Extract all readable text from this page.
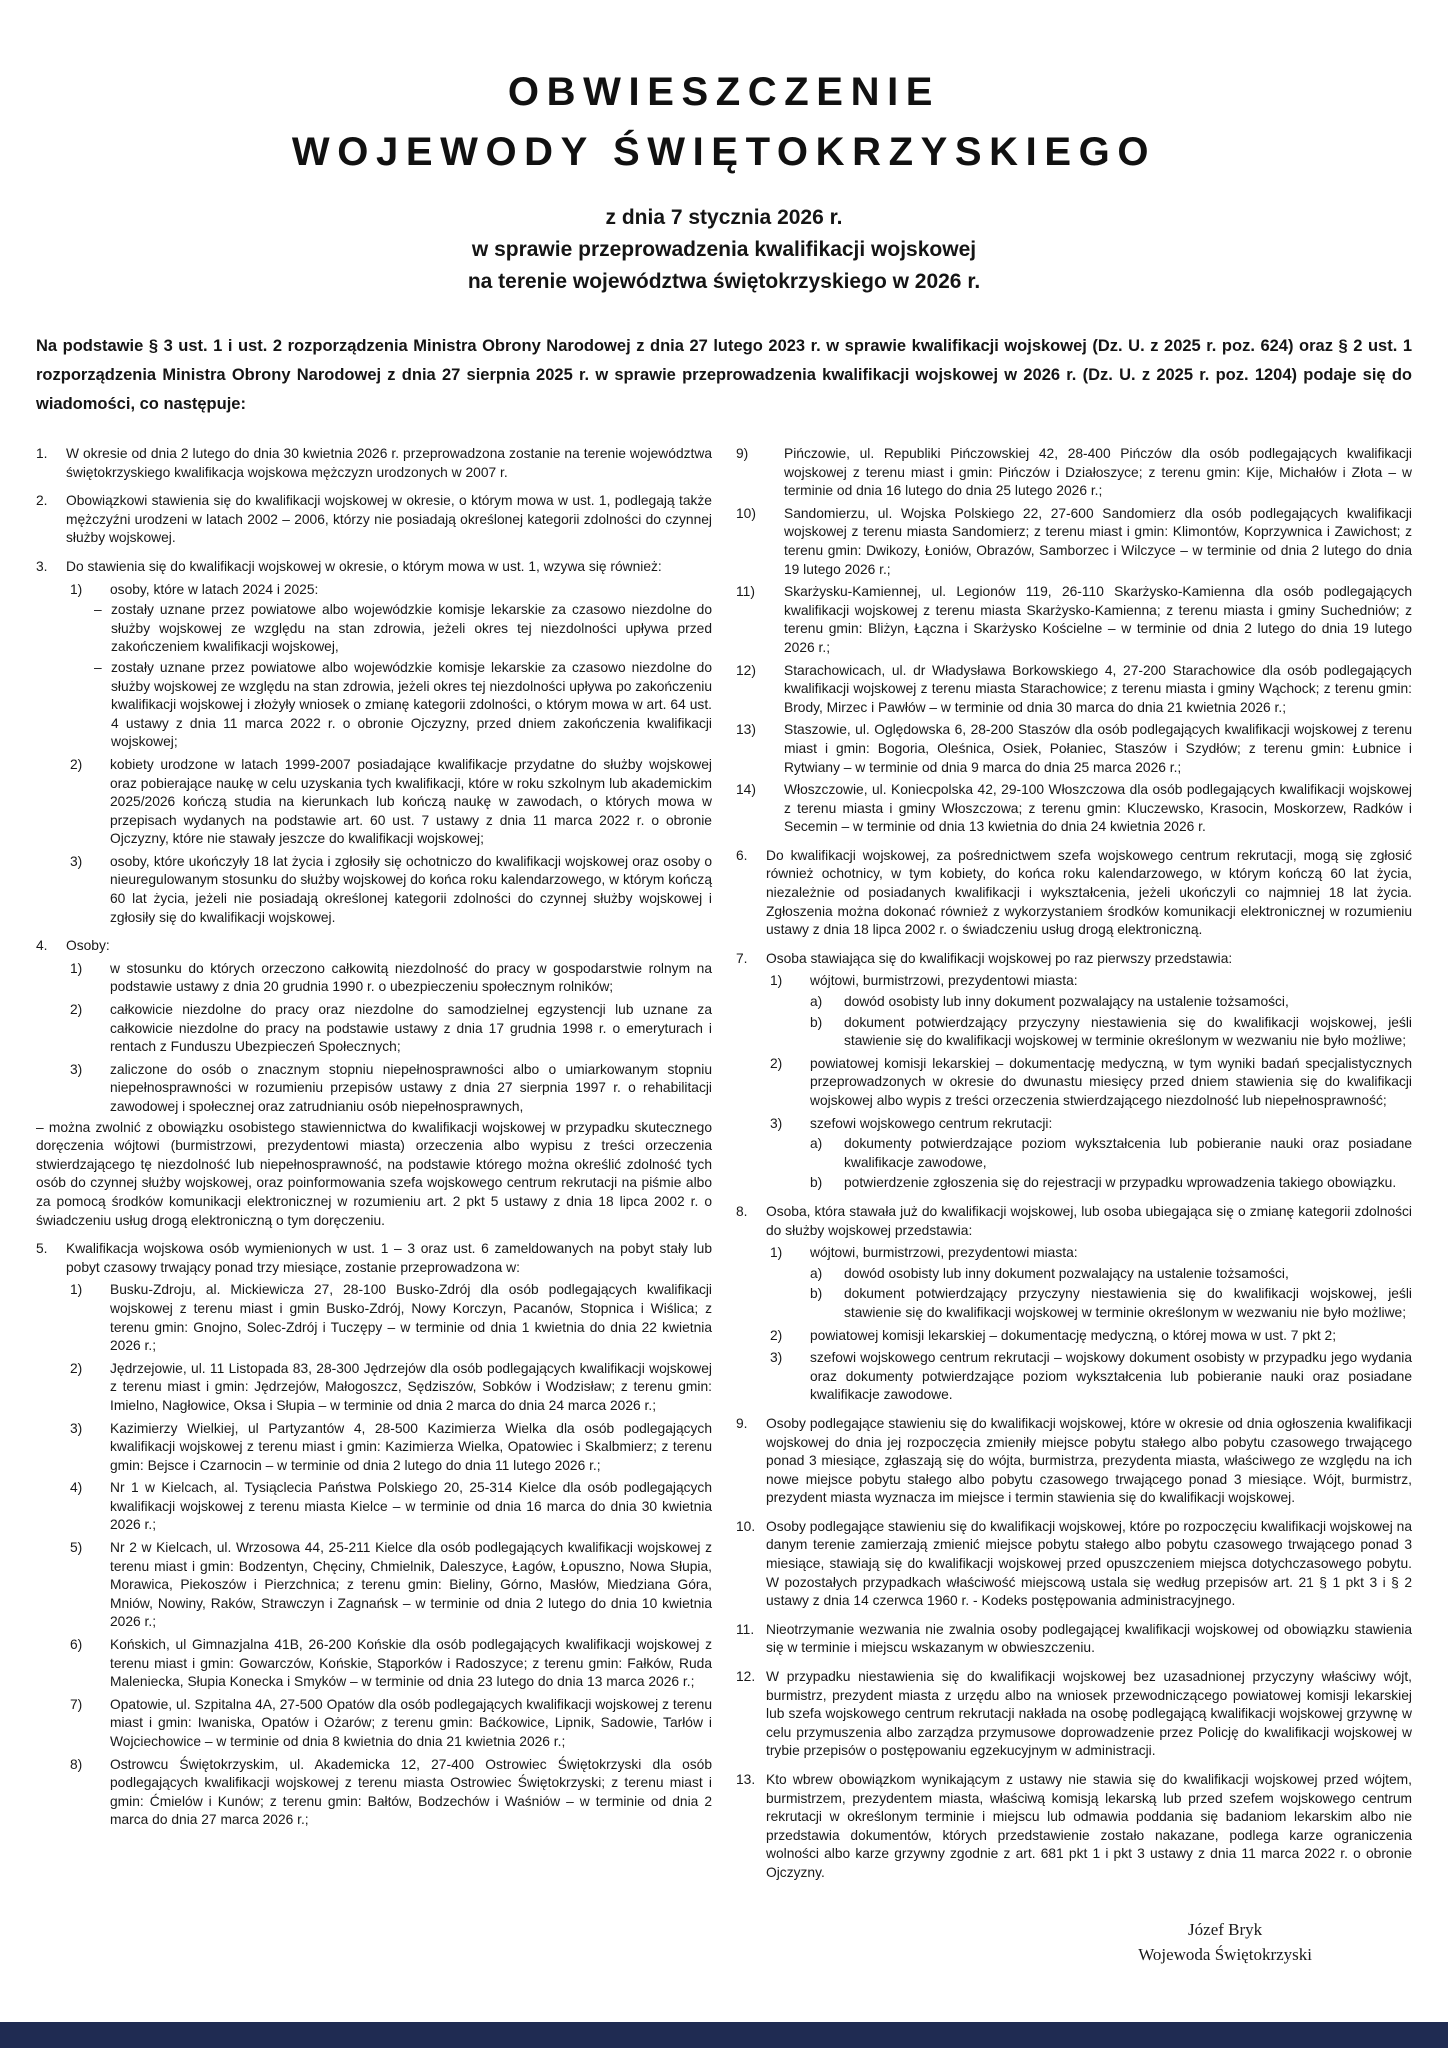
OBWIESZCZENIE
WOJEWODY ŚWIĘTOKRZYSKIEGO
z dnia 7 stycznia 2026 r.
w sprawie przeprowadzenia kwalifikacji wojskowej
na terenie województwa świętokrzyskiego w 2026 r.
Na podstawie § 3 ust. 1 i ust. 2 rozporządzenia Ministra Obrony Narodowej z dnia 27 lutego 2023 r. w sprawie kwalifikacji wojskowej (Dz. U. z 2025 r. poz. 624) oraz § 2 ust. 1 rozporządzenia Ministra Obrony Narodowej z dnia 27 sierpnia 2025 r. w sprawie przeprowadzenia kwalifikacji wojskowej w 2026 r. (Dz. U. z 2025 r. poz. 1204) podaje się do wiadomości, co następuje:
1.	W okresie od dnia 2 lutego do dnia 30 kwietnia 2026 r. przeprowadzona zostanie na terenie województwa świętokrzyskiego kwalifikacja wojskowa mężczyzn urodzonych w 2007 r.
2.	Obowiązkowi stawienia się do kwalifikacji wojskowej w okresie, o którym mowa w ust. 1, podlegają także mężczyźni urodzeni w latach 2002 – 2006, którzy nie posiadają określonej kategorii zdolności do czynnej służby wojskowej.
3.	Do stawienia się do kwalifikacji wojskowej w okresie, o którym mowa w ust. 1, wzywa się również:
1)	osoby, które w latach 2024 i 2025:
– zostały uznane przez powiatowe albo wojewódzkie komisje lekarskie za czasowo niezdolne do służby wojskowej ze względu na stan zdrowia, jeżeli okres tej niezdolności upływa przed zakończeniem kwalifikacji wojskowej,
– zostały uznane przez powiatowe albo wojewódzkie komisje lekarskie za czasowo niezdolne do służby wojskowej ze względu na stan zdrowia, jeżeli okres tej niezdolności upływa po zakończeniu kwalifikacji wojskowej i złożyły wniosek o zmianę kategorii zdolności, o którym mowa w art. 64 ust. 4 ustawy z dnia 11 marca 2022 r. o obronie Ojczyzny, przed dniem zakończenia kwalifikacji wojskowej;
2)	kobiety urodzone w latach 1999-2007 posiadające kwalifikacje przydatne do służby wojskowej oraz pobierające naukę w celu uzyskania tych kwalifikacji, które w roku szkolnym lub akademickim 2025/2026 kończą studia na kierunkach lub kończą naukę w zawodach, o których mowa w przepisach wydanych na podstawie art. 60 ust. 7 ustawy z dnia 11 marca 2022 r. o obronie Ojczyzny, które nie stawały jeszcze do kwalifikacji wojskowej;
3)	osoby, które ukończyły 18 lat życia i zgłosiły się ochotniczo do kwalifikacji wojskowej oraz osoby o nieuregulowanym stosunku do służby wojskowej do końca roku kalendarzowego, w którym kończą 60 lat życia, jeżeli nie posiadają określonej kategorii zdolności do czynnej służby wojskowej i zgłosiły się do kwalifikacji wojskowej.
4.	Osoby:
1)	w stosunku do których orzeczono całkowitą niezdolność do pracy w gospodarstwie rolnym na podstawie ustawy z dnia 20 grudnia 1990 r. o ubezpieczeniu społecznym rolników;
2)	całkowicie niezdolne do pracy oraz niezdolne do samodzielnej egzystencji lub uznane za całkowicie niezdolne do pracy na podstawie ustawy z dnia 17 grudnia 1998 r. o emeryturach i rentach z Funduszu Ubezpieczeń Społecznych;
3)	zaliczone do osób o znacznym stopniu niepełnosprawności albo o umiarkowanym stopniu niepełnosprawności w rozumieniu przepisów ustawy z dnia 27 sierpnia 1997 r. o rehabilitacji zawodowej i społecznej oraz zatrudnianiu osób niepełnosprawnych,
– można zwolnić z obowiązku osobistego stawiennictwa do kwalifikacji wojskowej w przypadku skutecznego doręczenia wójtowi (burmistrzowi, prezydentowi miasta) orzeczenia albo wypisu z treści orzeczenia stwierdzającego tę niezdolność lub niepełnosprawność, na podstawie którego można określić zdolność tych osób do czynnej służby wojskowej, oraz poinformowania szefa wojskowego centrum rekrutacji na piśmie albo za pomocą środków komunikacji elektronicznej w rozumieniu art. 2 pkt 5 ustawy z dnia 18 lipca 2002 r. o świadczeniu usług drogą elektroniczną o tym doręczeniu.
5.	Kwalifikacja wojskowa osób wymienionych w ust. 1 – 3 oraz ust. 6 zameldowanych na pobyt stały lub pobyt czasowy trwający ponad trzy miesiące, zostanie przeprowadzona w:
1)	Busku-Zdroju, al. Mickiewicza 27, 28-100 Busko-Zdrój dla osób podlegających kwalifikacji wojskowej z terenu miast i gmin Busko-Zdrój, Nowy Korczyn, Pacanów, Stopnica i Wiślica; z terenu gmin: Gnojno, Solec-Zdrój i Tuczępy – w terminie od dnia 1 kwietnia do dnia 22 kwietnia 2026 r.;
2)	Jędrzejowie, ul. 11 Listopada 83, 28-300 Jędrzejów dla osób podlegających kwalifikacji wojskowej z terenu miast i gmin: Jędrzejów, Małogoszcz, Sędziszów, Sobków i Wodzisław; z terenu gmin: Imielno, Nagłowice, Oksa i Słupia – w terminie od dnia 2 marca do dnia 24 marca 2026 r.;
3)	Kazimierzy Wielkiej, ul Partyzantów 4, 28-500 Kazimierza Wielka dla osób podlegających kwalifikacji wojskowej z terenu miast i gmin: Kazimierza Wielka, Opatowiec i Skalbmierz; z terenu gmin: Bejsce i Czarnocin – w terminie od dnia 2 lutego do dnia 11 lutego 2026 r.;
4)	Nr 1 w Kielcach, al. Tysiąclecia Państwa Polskiego 20, 25-314 Kielce dla osób podlegających kwalifikacji wojskowej z terenu miasta Kielce – w terminie od dnia 16 marca do dnia 30 kwietnia 2026 r.;
5)	Nr 2 w Kielcach, ul. Wrzosowa 44, 25-211 Kielce dla osób podlegających kwalifikacji wojskowej z terenu miast i gmin: Bodzentyn, Chęciny, Chmielnik, Daleszyce, Łagów, Łopuszno, Nowa Słupia, Morawica, Piekoszów i Pierzchnica; z terenu gmin: Bieliny, Górno, Masłów, Miedziana Góra, Mniów, Nowiny, Raków, Strawczyn i Zagnańsk – w terminie od dnia 2 lutego do dnia 10 kwietnia 2026 r.;
6)	Końskich, ul Gimnazjalna 41B, 26-200 Końskie dla osób podlegających kwalifikacji wojskowej z terenu miast i gmin: Gowarczów, Końskie, Stąporków i Radoszyce; z terenu gmin: Fałków, Ruda Maleniecka, Słupia Konecka i Smyków – w terminie od dnia 23 lutego do dnia 13 marca 2026 r.;
7)	Opatowie, ul. Szpitalna 4A, 27-500 Opatów dla osób podlegających kwalifikacji wojskowej z terenu miast i gmin: Iwaniska, Opatów i Ożarów; z terenu gmin: Baćkowice, Lipnik, Sadowie, Tarłów i Wojciechowice – w terminie od dnia 8 kwietnia do dnia 21 kwietnia 2026 r.;
8)	Ostrowcu Świętokrzyskim, ul. Akademicka 12, 27-400 Ostrowiec Świętokrzyski dla osób podlegających kwalifikacji wojskowej z terenu miasta Ostrowiec Świętokrzyski; z terenu miast i gmin: Ćmielów i Kunów; z terenu gmin: Bałtów, Bodzechów i Waśniów – w terminie od dnia 2 marca do dnia 27 marca 2026 r.;
9)	Pińczowie, ul. Republiki Pińczowskiej 42, 28-400 Pińczów dla osób podlegających kwalifikacji wojskowej z terenu miast i gmin: Pińczów i Działoszyce; z terenu gmin: Kije, Michałów i Złota – w terminie od dnia 16 lutego do dnia 25 lutego 2026 r.;
10)	Sandomierzu, ul. Wojska Polskiego 22, 27-600 Sandomierz dla osób podlegających kwalifikacji wojskowej z terenu miasta Sandomierz; z terenu miast i gmin: Klimontów, Koprzywnica i Zawichost; z terenu gmin: Dwikozy, Łoniów, Obrazów, Samborzec i Wilczyce – w terminie od dnia 2 lutego do dnia 19 lutego 2026 r.;
11)	Skarżysku-Kamiennej, ul. Legionów 119, 26-110 Skarżysko-Kamienna dla osób podlegających kwalifikacji wojskowej z terenu miasta Skarżysko-Kamienna; z terenu miasta i gminy Suchedniów; z terenu gmin: Bliżyn, Łączna i Skarżysko Kościelne – w terminie od dnia 2 lutego do dnia 19 lutego 2026 r.;
12)	Starachowicach, ul. dr Władysława Borkowskiego 4, 27-200 Starachowice dla osób podlegających kwalifikacji wojskowej z terenu miasta Starachowice; z terenu miasta i gminy Wąchock; z terenu gmin: Brody, Mirzec i Pawłów – w terminie od dnia 30 marca do dnia 21 kwietnia 2026 r.;
13)	Staszowie, ul. Oględowska 6, 28-200 Staszów dla osób podlegających kwalifikacji wojskowej z terenu miast i gmin: Bogoria, Oleśnica, Osiek, Połaniec, Staszów i Szydłów; z terenu gmin: Łubnice i Rytwiany – w terminie od dnia 9 marca do dnia 25 marca 2026 r.;
14)	Włoszczowie, ul. Koniecpolska 42, 29-100 Włoszczowa dla osób podlegających kwalifikacji wojskowej z terenu miasta i gminy Włoszczowa; z terenu gmin: Kluczewsko, Krasocin, Moskorzew, Radków i Secemin – w terminie od dnia 13 kwietnia do dnia 24 kwietnia 2026 r.
6.	Do kwalifikacji wojskowej, za pośrednictwem szefa wojskowego centrum rekrutacji, mogą się zgłosić również ochotnicy, w tym kobiety, do końca roku kalendarzowego, w którym kończą 60 lat życia, niezależnie od posiadanych kwalifikacji i wykształcenia, jeżeli ukończyli co najmniej 18 lat życia. Zgłoszenia można dokonać również z wykorzystaniem środków komunikacji elektronicznej w rozumieniu ustawy z dnia 18 lipca 2002 r. o świadczeniu usług drogą elektroniczną.
7.	Osoba stawiająca się do kwalifikacji wojskowej po raz pierwszy przedstawia:
1)	wójtowi, burmistrzowi, prezydentowi miasta:
a)	dowód osobisty lub inny dokument pozwalający na ustalenie tożsamości,
b)	dokument potwierdzający przyczyny niestawienia się do kwalifikacji wojskowej, jeśli stawienie się do kwalifikacji wojskowej w terminie określonym w wezwaniu nie było możliwe;
2)	powiatowej komisji lekarskiej – dokumentację medyczną, w tym wyniki badań specjalistycznych przeprowadzonych w okresie do dwunastu miesięcy przed dniem stawienia się do kwalifikacji wojskowej albo wypis z treści orzeczenia stwierdzającego niezdolność lub niepełnosprawność;
3)	szefowi wojskowego centrum rekrutacji:
a)	dokumenty potwierdzające poziom wykształcenia lub pobieranie nauki oraz posiadane kwalifikacje zawodowe,
b)	potwierdzenie zgłoszenia się do rejestracji w przypadku wprowadzenia takiego obowiązku.
8.	Osoba, która stawała już do kwalifikacji wojskowej, lub osoba ubiegająca się o zmianę kategorii zdolności do służby wojskowej przedstawia:
1)	wójtowi, burmistrzowi, prezydentowi miasta:
a)	dowód osobisty lub inny dokument pozwalający na ustalenie tożsamości,
b)	dokument potwierdzający przyczyny niestawienia się do kwalifikacji wojskowej, jeśli stawienie się do kwalifikacji wojskowej w terminie określonym w wezwaniu nie było możliwe;
2)	powiatowej komisji lekarskiej – dokumentację medyczną, o której mowa w ust. 7 pkt 2;
3)	szefowi wojskowego centrum rekrutacji – wojskowy dokument osobisty w przypadku jego wydania oraz dokumenty potwierdzające poziom wykształcenia lub pobieranie nauki oraz posiadane kwalifikacje zawodowe.
9.	Osoby podlegające stawieniu się do kwalifikacji wojskowej, które w okresie od dnia ogłoszenia kwalifikacji wojskowej do dnia jej rozpoczęcia zmieniły miejsce pobytu stałego albo pobytu czasowego trwającego ponad 3 miesiące, zgłaszają się do wójta, burmistrza, prezydenta miasta, właściwego ze względu na ich nowe miejsce pobytu stałego albo pobytu czasowego trwającego ponad 3 miesiące. Wójt, burmistrz, prezydent miasta wyznacza im miejsce i termin stawienia się do kwalifikacji wojskowej.
10. Osoby podlegające stawieniu się do kwalifikacji wojskowej, które po rozpoczęciu kwalifikacji wojskowej na danym terenie zamierzają zmienić miejsce pobytu stałego albo pobytu czasowego trwającego ponad 3 miesiące, stawiają się do kwalifikacji wojskowej przed opuszczeniem miejsca dotychczasowego pobytu. W pozostałych przypadkach właściwość miejscową ustala się według przepisów art. 21 § 1 pkt 3 i § 2 ustawy z dnia 14 czerwca 1960 r. - Kodeks postępowania administracyjnego.
11. Nieotrzymanie wezwania nie zwalnia osoby podlegającej kwalifikacji wojskowej od obowiązku stawienia się w terminie i miejscu wskazanym w obwieszczeniu.
12. W przypadku niestawienia się do kwalifikacji wojskowej bez uzasadnionej przyczyny właściwy wójt, burmistrz, prezydent miasta z urzędu albo na wniosek przewodniczącego powiatowej komisji lekarskiej lub szefa wojskowego centrum rekrutacji nakłada na osobę podlegającą kwalifikacji wojskowej grzywnę w celu przymuszenia albo zarządza przymusowe doprowadzenie przez Policję do kwalifikacji wojskowej w trybie przepisów o postępowaniu egzekucyjnym w administracji.
13. Kto wbrew obowiązkom wynikającym z ustawy nie stawia się do kwalifikacji wojskowej przed wójtem, burmistrzem, prezydentem miasta, właściwą komisją lekarską lub przed szefem wojskowego centrum rekrutacji w określonym terminie i miejscu lub odmawia poddania się badaniom lekarskim albo nie przedstawia dokumentów, których przedstawienie zostało nakazane, podlega karze ograniczenia wolności albo karze grzywny zgodnie z art. 681 pkt 1 i pkt 3 ustawy z dnia 11 marca 2022 r. o obronie Ojczyzny.
Józef Bryk
Wojewoda Świętokrzyski
